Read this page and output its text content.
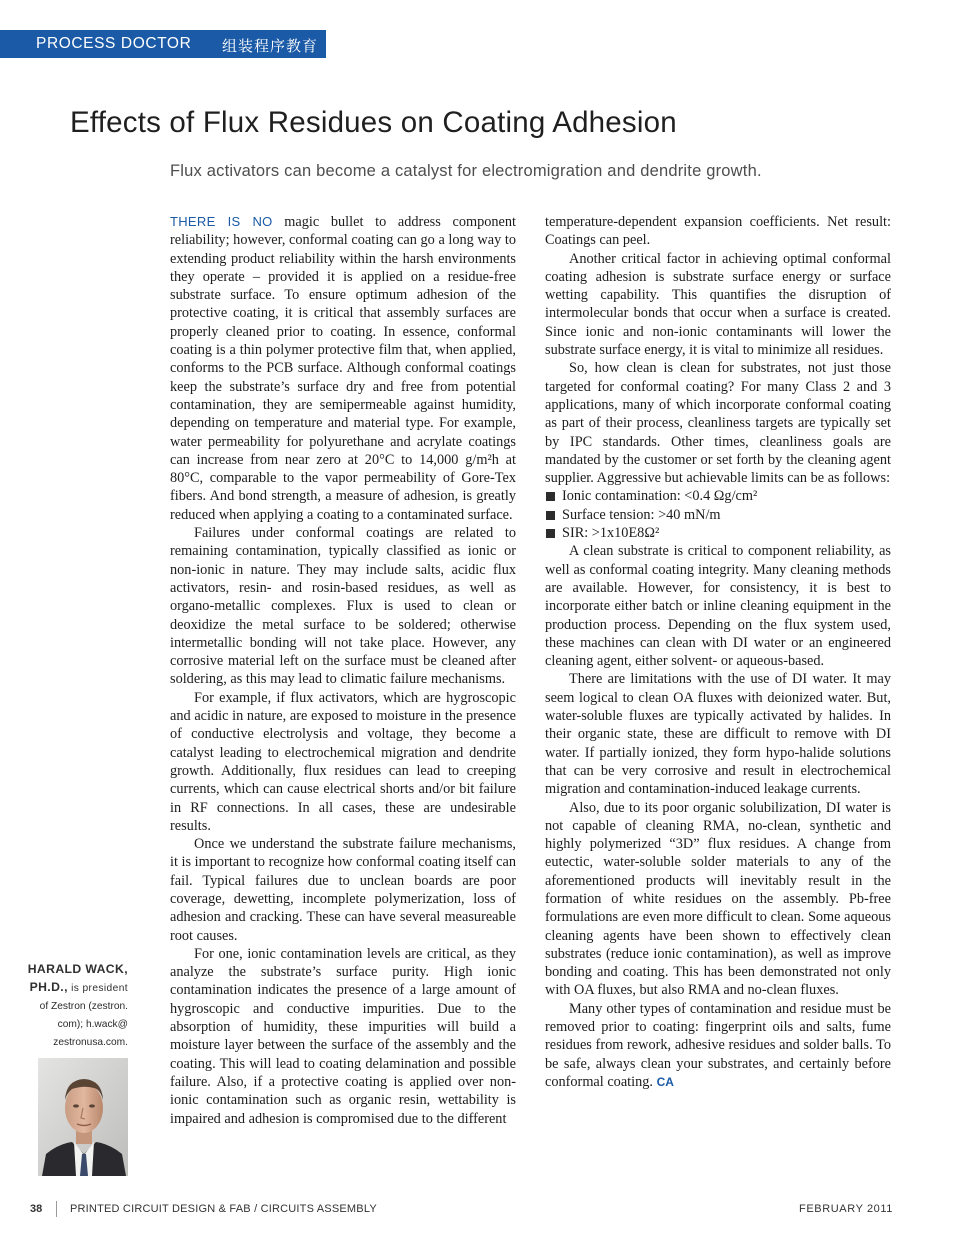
PROCESS DOCTOR 组装程序教育
Effects of Flux Residues on Coating Adhesion
Flux activators can become a catalyst for electromigration and dendrite growth.

THERE IS NO magic bullet to address component reliability; however, conformal coating can go a long way to extending product reliability within the harsh environments they operate – provided it is applied on a residue-free substrate surface. To ensure optimum adhesion of the protective coating, it is critical that assembly surfaces are properly cleaned prior to coating. In essence, conformal coating is a thin polymer protective film that, when applied, conforms to the PCB surface. Although conformal coatings keep the substrate’s surface dry and free from potential contamination, they are semipermeable against humidity, depending on temperature and material type. For example, water permeability for polyurethane and acrylate coatings can increase from near zero at 20°C to 14,000 g/m²h at 80°C, comparable to the vapor permeability of Gore-Tex fibers. And bond strength, a measure of adhesion, is greatly reduced when applying a coating to a contaminated surface.

Failures under conformal coatings are related to remaining contamination, typically classified as ionic or non-ionic in nature. They may include salts, acidic flux activators, resin- and rosin-based residues, as well as organo-metallic complexes. Flux is used to clean or deoxidize the metal surface to be soldered; otherwise intermetallic bonding will not take place. However, any corrosive material left on the surface must be cleaned after soldering, as this may lead to climatic failure mechanisms.

For example, if flux activators, which are hygroscopic and acidic in nature, are exposed to moisture in the presence of conductive electrolysis and voltage, they become a catalyst leading to electrochemical migration and dendrite growth. Additionally, flux residues can lead to creeping currents, which can cause electrical shorts and/or bit failure in RF connections. In all cases, these are undesirable results.

Once we understand the substrate failure mechanisms, it is important to recognize how conformal coating itself can fail. Typical failures due to unclean boards are poor coverage, dewetting, incomplete polymerization, loss of adhesion and cracking. These can have several measureable root causes.

For one, ionic contamination levels are critical, as they analyze the substrate’s surface purity. High ionic contamination indicates the presence of a large amount of hygroscopic and conductive impurities. Due to the absorption of humidity, these impurities will build a moisture layer between the surface of the assembly and the coating. This will lead to coating delamination and possible failure. Also, if a protective coating is applied over non-ionic contamination such as organic resin, wettability is impaired and adhesion is compromised due to the different

temperature-dependent expansion coefficients. Net result: Coatings can peel.

Another critical factor in achieving optimal conformal coating adhesion is substrate surface energy or surface wetting capability. This quantifies the disruption of intermolecular bonds that occur when a surface is created. Since ionic and non-ionic contaminants will lower the substrate surface energy, it is vital to minimize all residues.

So, how clean is clean for substrates, not just those targeted for conformal coating? For many Class 2 and 3 applications, many of which incorporate conformal coating as part of their process, cleanliness targets are typically set by IPC standards. Other times, cleanliness goals are mandated by the customer or set forth by the cleaning agent supplier. Aggressive but achievable limits can be as follows:

Ionic contamination: <0.4 Ωg/cm²
Surface tension: >40 mN/m
SIR: >1x10E8Ω²

A clean substrate is critical to component reliability, as well as conformal coating integrity. Many cleaning methods are available. However, for consistency, it is best to incorporate either batch or inline cleaning equipment in the production process. Depending on the flux system used, these machines can clean with DI water or an engineered cleaning agent, either solvent- or aqueous-based.

There are limitations with the use of DI water. It may seem logical to clean OA fluxes with deionized water. But, water-soluble fluxes are typically activated by halides. In their organic state, these are difficult to remove with DI water. If partially ionized, they form hypo-halide solutions that can be very corrosive and result in electrochemical migration and contamination-induced leakage currents.

Also, due to its poor organic solubilization, DI water is not capable of cleaning RMA, no-clean, synthetic and highly polymerized “3D” flux residues. A change from eutectic, water-soluble solder materials to any of the aforementioned products will inevitably result in the formation of white residues on the assembly. Pb-free formulations are even more difficult to clean. Some aqueous cleaning agents have been shown to effectively clean substrates (reduce ionic contamination), as well as improve bonding and coating. This has been demonstrated not only with OA fluxes, but also RMA and no-clean fluxes.

Many other types of contamination and residue must be removed prior to coating: fingerprint oils and salts, fume residues from rework, adhesive residues and solder balls. To be safe, always clean your substrates, and certainly before conformal coating. CA

HARALD WACK,
PH.D., is president
of Zestron (zestron.
com); h.wack@
zestronusa.com.
38	PRINTED CIRCUIT DESIGN & FAB / CIRCUITS ASSEMBLY	FEBRUARY 2011
